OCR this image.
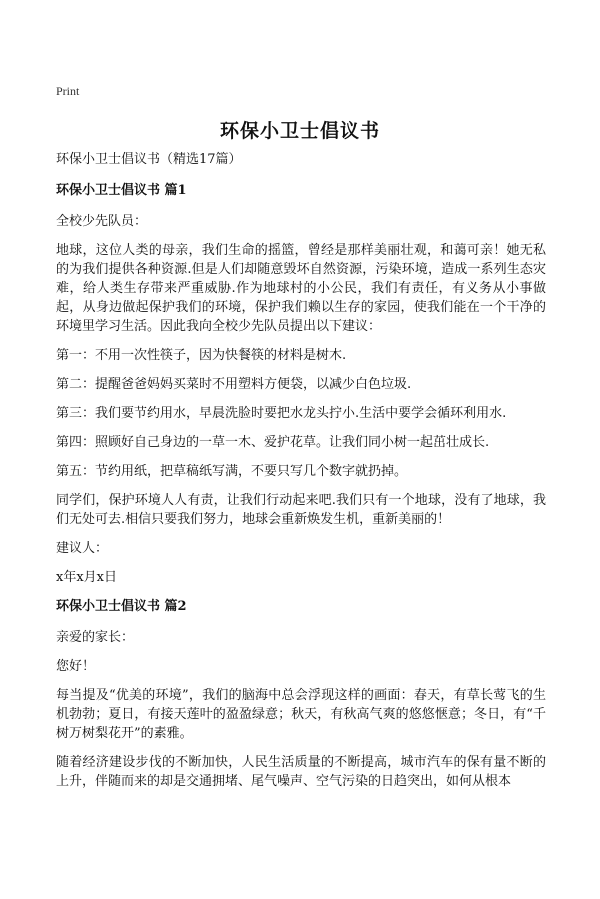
Print
环保小卫士倡议书

环保小卫士倡议书（精选17篇）

环保小卫士倡议书 篇1

全校少先队员：

地球，这位人类的母亲，我们生命的摇篮，曾经是那样美丽壮观，和蔼可亲！她无私的为我们提供各种资源.但是人们却随意毁坏自然资源，污染环境，造成一系列生态灾难，给人类生存带来严重威胁.作为地球村的小公民，我们有责任，有义务从小事做起，从身边做起保护我们的环境，保护我们赖以生存的家园，使我们能在一个干净的环境里学习生活。因此我向全校少先队员提出以下建议：

第一：不用一次性筷子，因为快餐筷的材料是树木.

第二：提醒爸爸妈妈买菜时不用塑料方便袋，以减少白色垃圾.

第三：我们要节约用水，早晨洗脸时要把水龙头拧小.生活中要学会循环利用水.

第四：照顾好自己身边的一草一木、爱护花草。让我们同小树一起茁壮成长.

第五：节约用纸，把草稿纸写满，不要只写几个数字就扔掉。

同学们，保护环境人人有责，让我们行动起来吧.我们只有一个地球，没有了地球，我们无处可去.相信只要我们努力，地球会重新焕发生机，重新美丽的！

建议人：

x年x月x日

环保小卫士倡议书 篇2

亲爱的家长：

您好！

每当提及“优美的环境”，我们的脑海中总会浮现这样的画面：春天，有草长莺飞的生机勃勃；夏日，有接天莲叶的盈盈绿意；秋天，有秋高气爽的悠悠惬意；冬日，有“千树万树梨花开”的素雅。

随着经济建设步伐的不断加快，人民生活质量的不断提高，城市汽车的保有量不断的上升，伴随而来的却是交通拥堵、尾气噪声、空气污染的日趋突出，如何从根本
